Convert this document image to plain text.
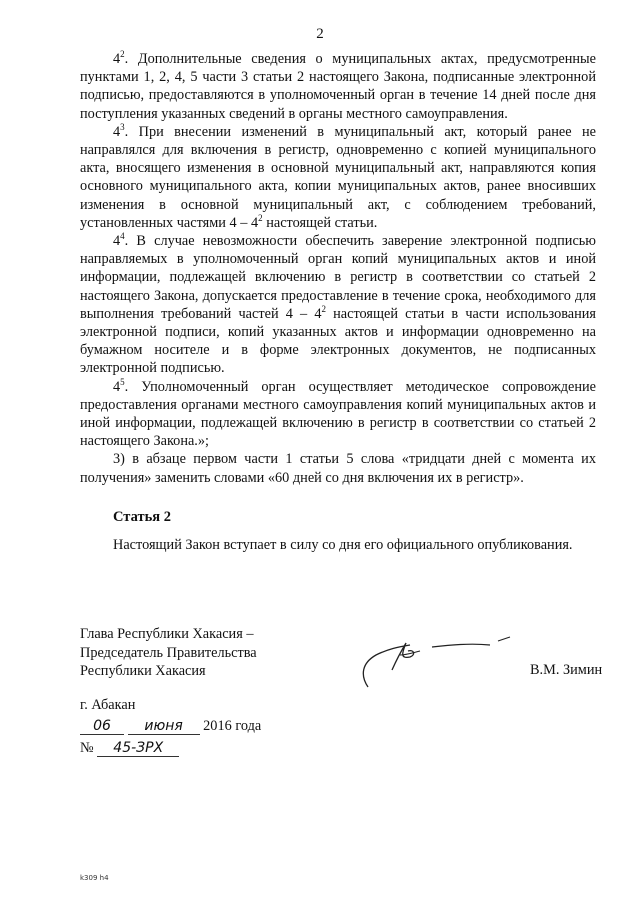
2

$4^2$. Дополнительные сведения о муниципальных актах, предусмотренные пунктами 1, 2, 4, 5 части 3 статьи 2 настоящего Закона, подписанные электронной подписью, предоставляются в уполномоченный орган в течение 14 дней после дня поступления указанных сведений в органы местного самоуправления.

$4^3$. При внесении изменений в муниципальный акт, который ранее не направлялся для включения в регистр, одновременно с копией муниципального акта, вносящего изменения в основной муниципальный акт, направляются копия основного муниципального акта, копии муниципальных актов, ранее вносивших изменения в основной муниципальный акт, с соблюдением требований, установленных частями $4 - 4^2$ настоящей статьи.

$4^4$. В случае невозможности обеспечить заверение электронной подписью направляемых в уполномоченный орган копий муниципальных актов и иной информации, подлежащей включению в регистр в соответствии со статьей 2 настоящего Закона, допускается предоставление в течение срока, необходимого для выполнения требований частей $4 - 4^2$ настоящей статьи в части использования электронной подписи, копий указанных актов и информации одновременно на бумажном носителе и в форме электронных документов, не подписанных электронной подписью.

$4^5$. Уполномоченный орган осуществляет методическое сопровождение предоставления органами местного самоуправления копий муниципальных актов и иной информации, подлежащей включению в регистр в соответствии со статьей 2 настоящего Закона.»;

3) в абзаце первом части 1 статьи 5 слова «тридцати дней с момента их получения» заменить словами «60 дней со дня включения их в регистр».

Статья 2
Настоящий Закон вступает в силу со дня его официального опубликования.
Глава Республики Хакасия –
Председатель Правительства
Республики Хакасия	В.М. Зимин
г. Абакан
06 июня 2016 года
№ 45-ЗРХ
k309 h4
